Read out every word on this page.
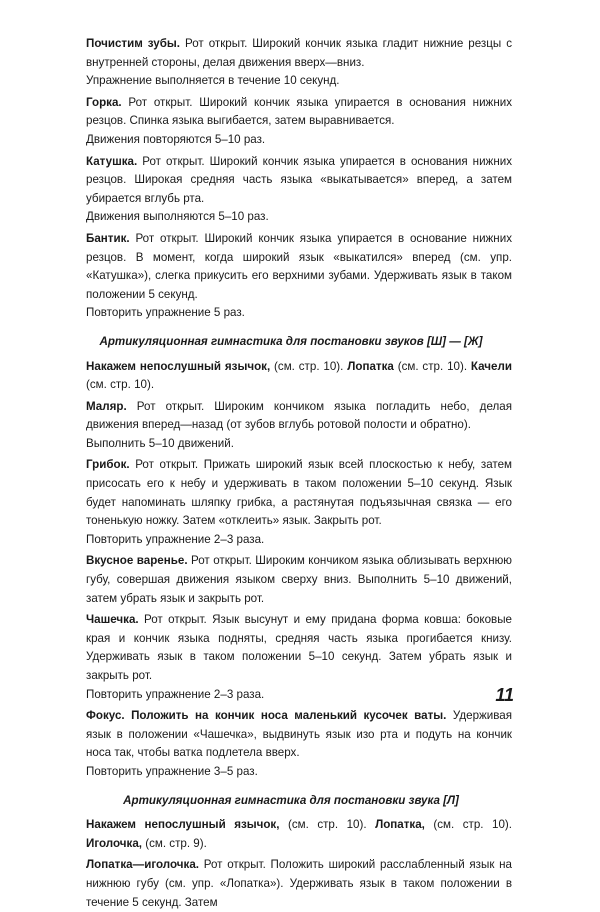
Почистим зубы. Рот открыт. Широкий кончик языка гладит нижние резцы с внутренней стороны, делая движения вверх—вниз.

Упражнение выполняется в течение 10 секунд.

Горка. Рот открыт. Широкий кончик языка упирается в основания нижних резцов. Спинка языка выгибается, затем выравнивается.

Движения повторяются 5–10 раз.

Катушка. Рот открыт. Широкий кончик языка упирается в основания нижних резцов. Широкая средняя часть языка «выкатывается» вперед, а затем убирается вглубь рта.

Движения выполняются 5–10 раз.

Бантик. Рот открыт. Широкий кончик языка упирается в основание нижних резцов. В момент, когда широкий язык «выкатился» вперед (см. упр. «Катушка»), слегка прикусить его верхними зубами. Удерживать язык в таком положении 5 секунд.

Повторить упражнение 5 раз.

Артикуляционная гимнастика для постановки звуков [Ш] — [Ж]

Накажем непослушный язычок, (см. стр. 10). Лопатка (см. стр. 10). Качели (см. стр. 10).

Маляр. Рот открыт. Широким кончиком языка погладить небо, делая движения вперед—назад (от зубов вглубь ротовой полости и обратно).

Выполнить 5–10 движений.

Грибок. Рот открыт. Прижать широкий язык всей плоскостью к небу, затем присосать его к небу и удерживать в таком положении 5–10 секунд. Язык будет напоминать шляпку грибка, а растянутая подъязычная связка — его тоненькую ножку. Затем «отклеить» язык. Закрыть рот.

Повторить упражнение 2–3 раза.

Вкусное варенье. Рот открыт. Широким кончиком языка облизывать верхнюю губу, совершая движения языком сверху вниз. Выполнить 5–10 движений, затем убрать язык и закрыть рот.

Чашечка. Рот открыт. Язык высунут и ему придана форма ковша: боковые края и кончик языка подняты, средняя часть языка прогибается книзу. Удерживать язык в таком положении 5–10 секунд. Затем убрать язык и закрыть рот.

Повторить упражнение 2–3 раза.

Фокус. Положить на кончик носа маленький кусочек ваты. Удерживая язык в положении «Чашечка», выдвинуть язык изо рта и подуть на кончик носа так, чтобы ватка подлетела вверх.

Повторить упражнение 3–5 раз.

Артикуляционная гимнастика для постановки звука [Л]

Накажем непослушный язычок, (см. стр. 10). Лопатка, (см. стр. 10). Иголочка, (см. стр. 9).

Лопатка—иголочка. Рот открыт. Положить широкий расслабленный язык на нижнюю губу (см. упр. «Лопатка»). Удерживать язык в таком положении в течение 5 секунд. Затем

11
